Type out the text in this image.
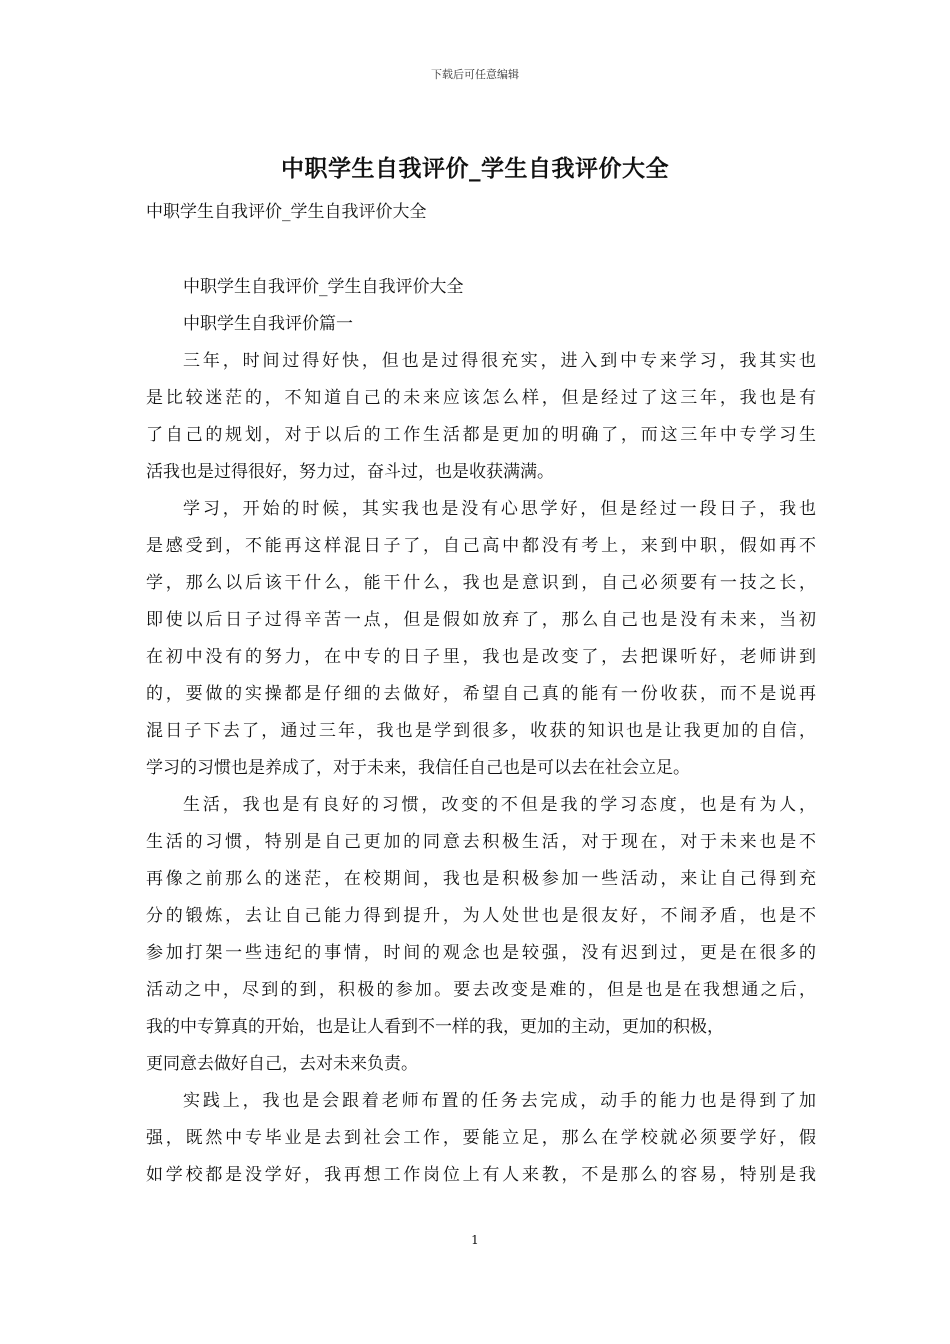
下载后可任意编辑
中职学生自我评价_学生自我评价大全
中职学生自我评价_学生自我评价大全
中职学生自我评价_学生自我评价大全
中职学生自我评价篇一
三年，时间过得好快，但也是过得很充实，进入到中专来学习，我其实也
是比较迷茫的，不知道自己的未来应该怎么样，但是经过了这三年，我也是有
了自己的规划，对于以后的工作生活都是更加的明确了，而这三年中专学习生
活我也是过得很好，努力过，奋斗过，也是收获满满。
学习，开始的时候，其实我也是没有心思学好，但是经过一段日子，我也
是感受到，不能再这样混日子了，自己高中都没有考上，来到中职，假如再不
学，那么以后该干什么，能干什么，我也是意识到，自己必须要有一技之长，
即使以后日子过得辛苦一点，但是假如放弃了，那么自己也是没有未来，当初
在初中没有的努力，在中专的日子里，我也是改变了，去把课听好，老师讲到
的，要做的实操都是仔细的去做好，希望自己真的能有一份收获，而不是说再
混日子下去了，通过三年，我也是学到很多，收获的知识也是让我更加的自信，
学习的习惯也是养成了，对于未来，我信任自己也是可以去在社会立足。
生活，我也是有良好的习惯，改变的不但是我的学习态度，也是有为人，
生活的习惯，特别是自己更加的同意去积极生活，对于现在，对于未来也是不
再像之前那么的迷茫，在校期间，我也是积极参加一些活动，来让自己得到充
分的锻炼，去让自己能力得到提升，为人处世也是很友好，不闹矛盾，也是不
参加打架一些违纪的事情，时间的观念也是较强，没有迟到过，更是在很多的
活动之中，尽到的到，积极的参加。要去改变是难的，但是也是在我想通之后，
我的中专算真的开始，也是让人看到不一样的我，更加的主动，更加的积极，
更同意去做好自己，去对未来负责。
实践上，我也是会跟着老师布置的任务去完成，动手的能力也是得到了加
强，既然中专毕业是去到社会工作，要能立足，那么在学校就必须要学好，假
如学校都是没学好，我再想工作岗位上有人来教，不是那么的容易，特别是我
1
